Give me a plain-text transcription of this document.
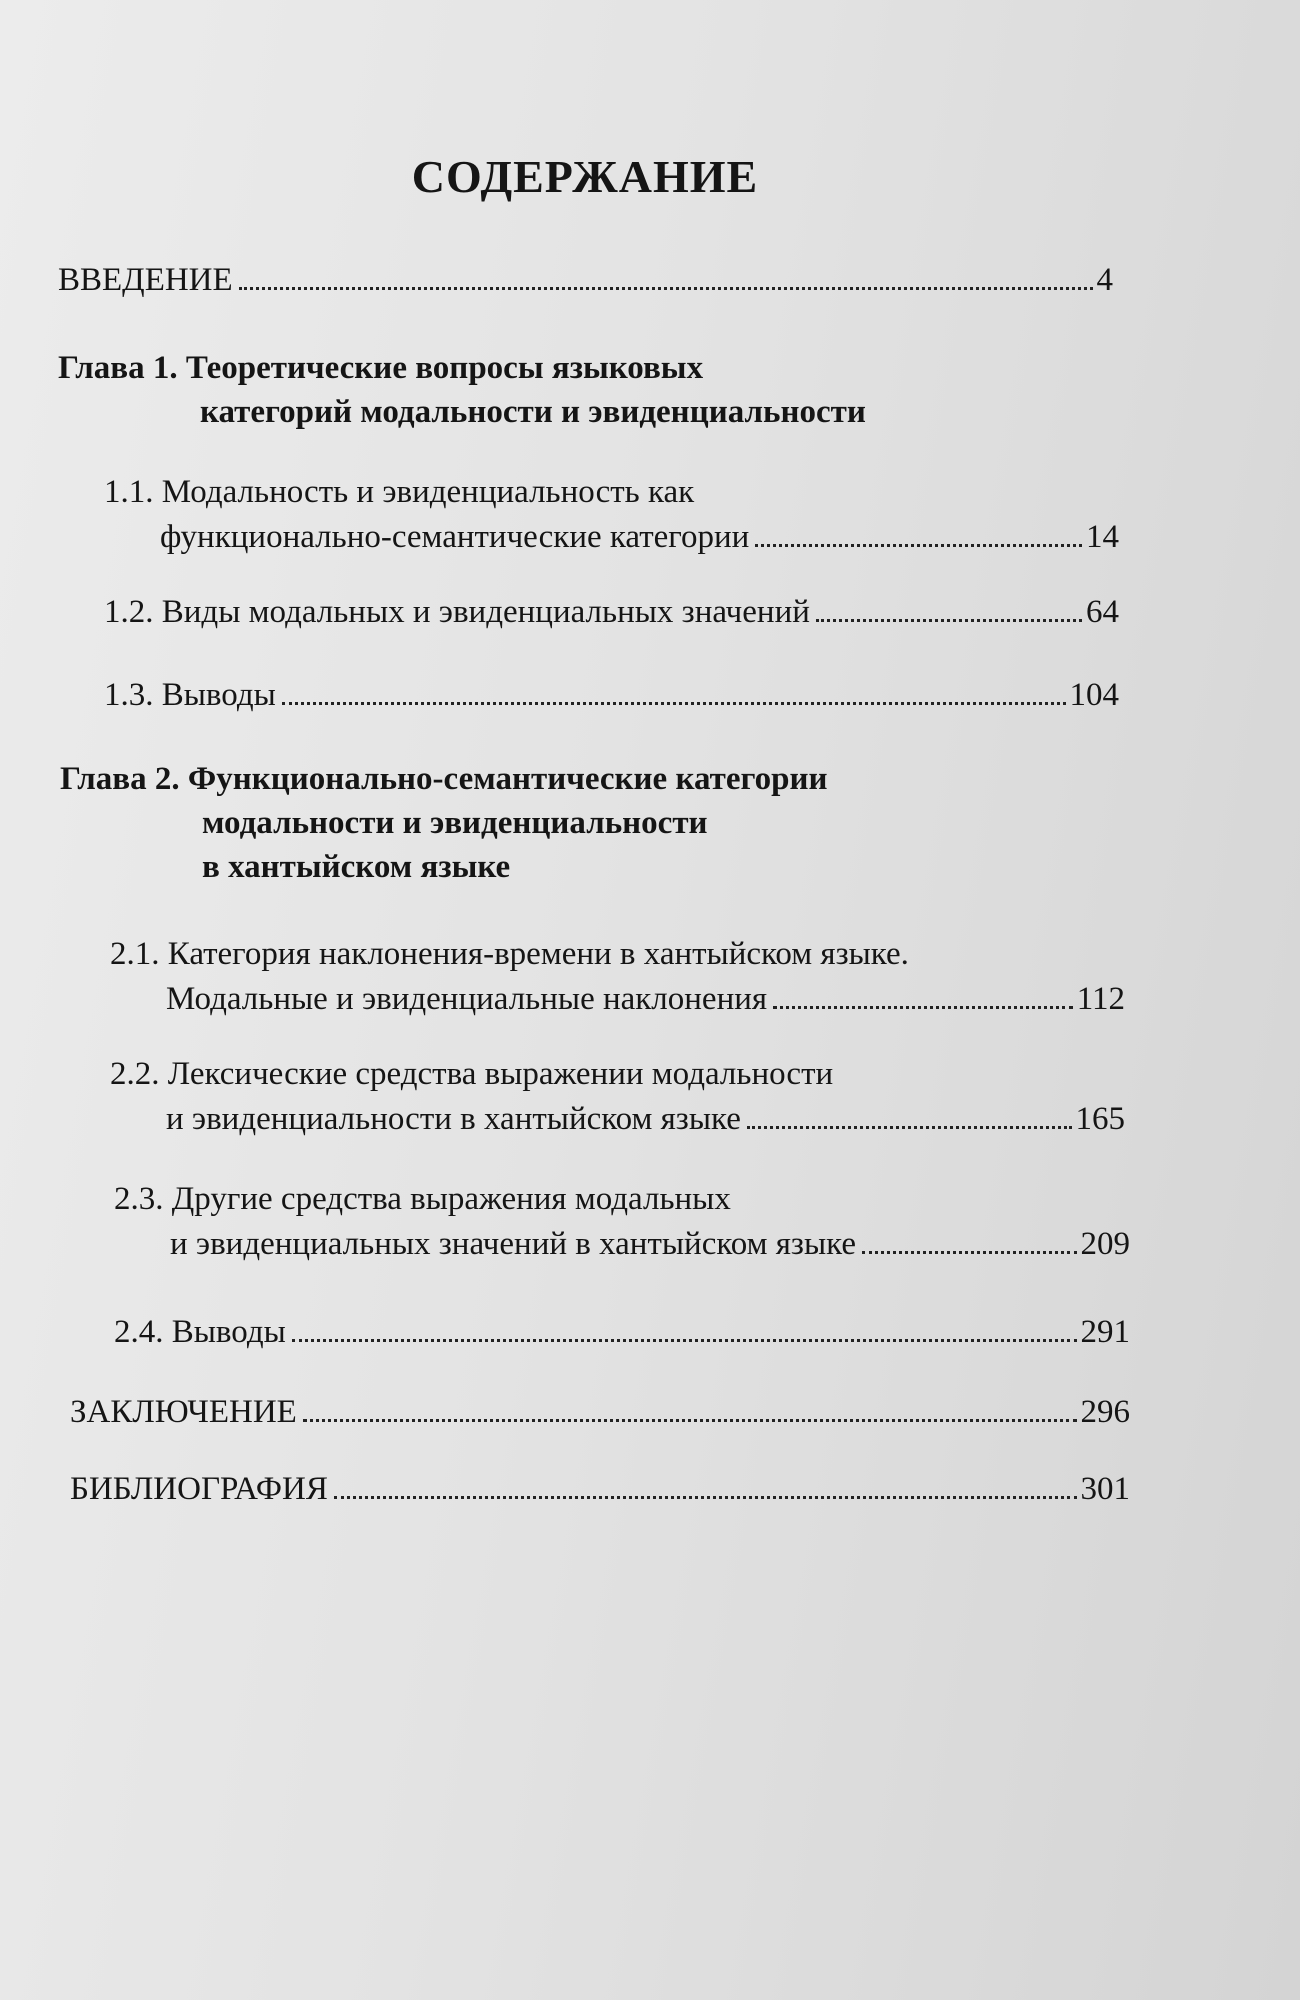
СОДЕРЖАНИЕ
ВВЕДЕНИЕ	4
Глава 1. Теоретические вопросы языковых
категорий модальности и эвиденциальности
1.1. Модальность и эвиденциальность как
функционально-семантические категории	14
1.2. Виды модальных и эвиденциальных значений	64
1.3. Выводы	104
Глава 2. Функционально-семантические категории
модальности и эвиденциальности
в хантыйском языке
2.1. Категория наклонения-времени в хантыйском языке.
Модальные и эвиденциальные наклонения	112
2.2. Лексические средства выражении модальности
и эвиденциальности в хантыйском языке	165
2.3. Другие средства выражения модальных
и эвиденциальных значений в хантыйском языке	209
2.4. Выводы	291
ЗАКЛЮЧЕНИЕ	296
БИБЛИОГРАФИЯ	301
